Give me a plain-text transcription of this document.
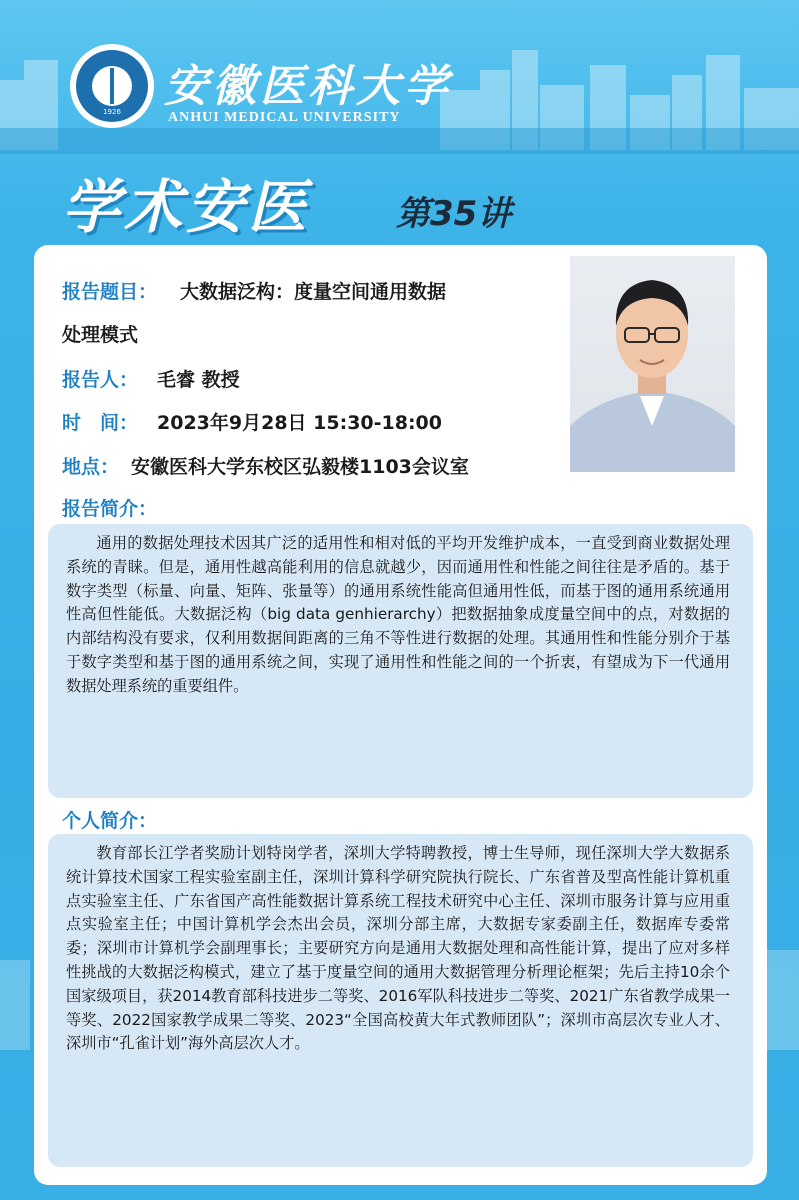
1926 安徽医科大学
ANHUI MEDICAL UNIVERSITY
学术安医	第35讲
报告题目： 大数据泛构：度量空间通用数据
处理模式
报告人： 毛睿 教授
时　间： 2023年9月28日 15:30-18:00
地点： 安徽医科大学东校区弘毅楼1103会议室
报告简介：

通用的数据处理技术因其广泛的适用性和相对低的平均开发维护成本，一直受到商业数据处理系统的青睐。但是，通用性越高能利用的信息就越少，因而通用性和性能之间往往是矛盾的。基于数字类型（标量、向量、矩阵、张量等）的通用系统性能高但通用性低，而基于图的通用系统通用性高但性能低。大数据泛构（big data genhierarchy）把数据抽象成度量空间中的点，对数据的内部结构没有要求，仅利用数据间距离的三角不等性进行数据的处理。其通用性和性能分别介于基于数字类型和基于图的通用系统之间，实现了通用性和性能之间的一个折衷，有望成为下一代通用数据处理系统的重要组件。

个人简介：

教育部长江学者奖励计划特岗学者，深圳大学特聘教授，博士生导师，现任深圳大学大数据系统计算技术国家工程实验室副主任，深圳计算科学研究院执行院长、广东省普及型高性能计算机重点实验室主任、广东省国产高性能数据计算系统工程技术研究中心主任、深圳市服务计算与应用重点实验室主任；中国计算机学会杰出会员，深圳分部主席，大数据专家委副主任，数据库专委常委；深圳市计算机学会副理事长；主要研究方向是通用大数据处理和高性能计算，提出了应对多样性挑战的大数据泛构模式，建立了基于度量空间的通用大数据管理分析理论框架；先后主持10余个国家级项目，获2014教育部科技进步二等奖、2016军队科技进步二等奖、2021广东省教学成果一等奖、2022国家教学成果二等奖、2023“全国高校黄大年式教师团队”；深圳市高层次专业人才、深圳市“孔雀计划”海外高层次人才。
